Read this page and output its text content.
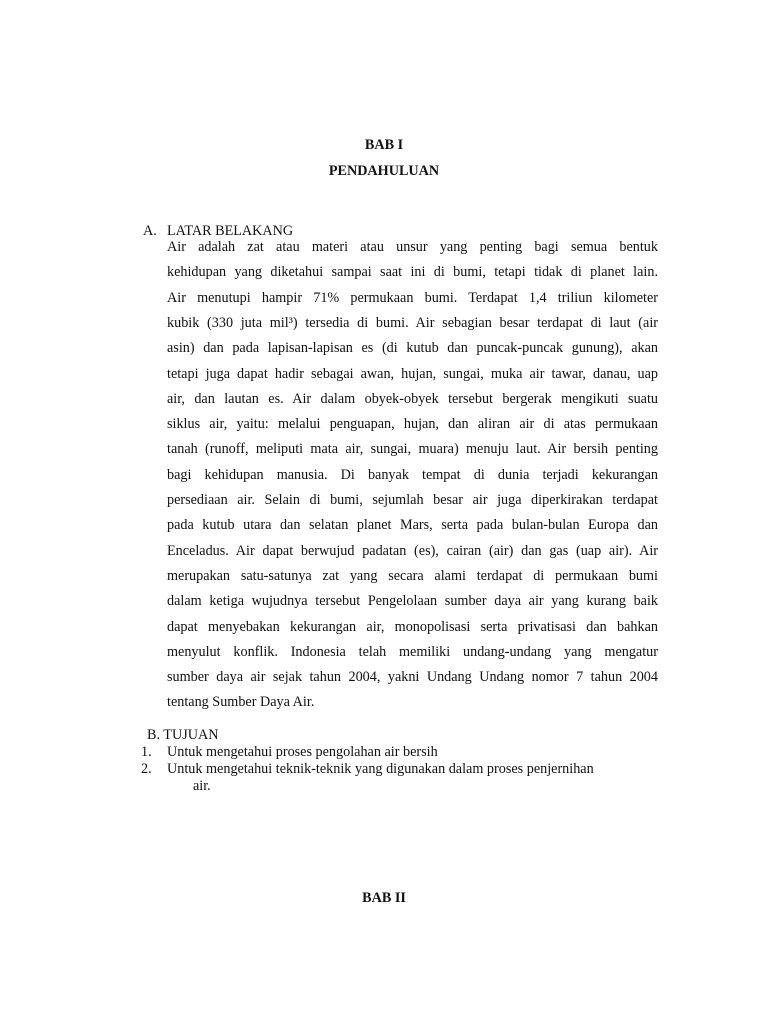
BAB I
PENDAHULUAN
A. LATAR BELAKANG
Air adalah zat atau materi atau unsur yang penting bagi semua bentuk
kehidupan yang diketahui sampai saat ini di bumi, tetapi tidak di planet lain.
Air menutupi hampir 71% permukaan bumi. Terdapat 1,4 triliun kilometer
kubik (330 juta mil³) tersedia di bumi. Air sebagian besar terdapat di laut (air
asin) dan pada lapisan-lapisan es (di kutub dan puncak-puncak gunung), akan
tetapi juga dapat hadir sebagai awan, hujan, sungai, muka air tawar, danau, uap
air, dan lautan es. Air dalam obyek-obyek tersebut bergerak mengikuti suatu
siklus air, yaitu: melalui penguapan, hujan, dan aliran air di atas permukaan
tanah (runoff, meliputi mata air, sungai, muara) menuju laut. Air bersih penting
bagi kehidupan manusia. Di banyak tempat di dunia terjadi kekurangan
persediaan air. Selain di bumi, sejumlah besar air juga diperkirakan terdapat
pada kutub utara dan selatan planet Mars, serta pada bulan-bulan Europa dan
Enceladus. Air dapat berwujud padatan (es), cairan (air) dan gas (uap air). Air
merupakan satu-satunya zat yang secara alami terdapat di permukaan bumi
dalam ketiga wujudnya tersebut Pengelolaan sumber daya air yang kurang baik
dapat menyebakan kekurangan air, monopolisasi serta privatisasi dan bahkan
menyulut konflik. Indonesia telah memiliki undang-undang yang mengatur
sumber daya air sejak tahun 2004, yakni Undang Undang nomor 7 tahun 2004
tentang Sumber Daya Air.
B. TUJUAN
1. Untuk mengetahui proses pengolahan air bersih
2. Untuk mengetahui teknik-teknik yang digunakan dalam proses penjernihan
air.
BAB II
